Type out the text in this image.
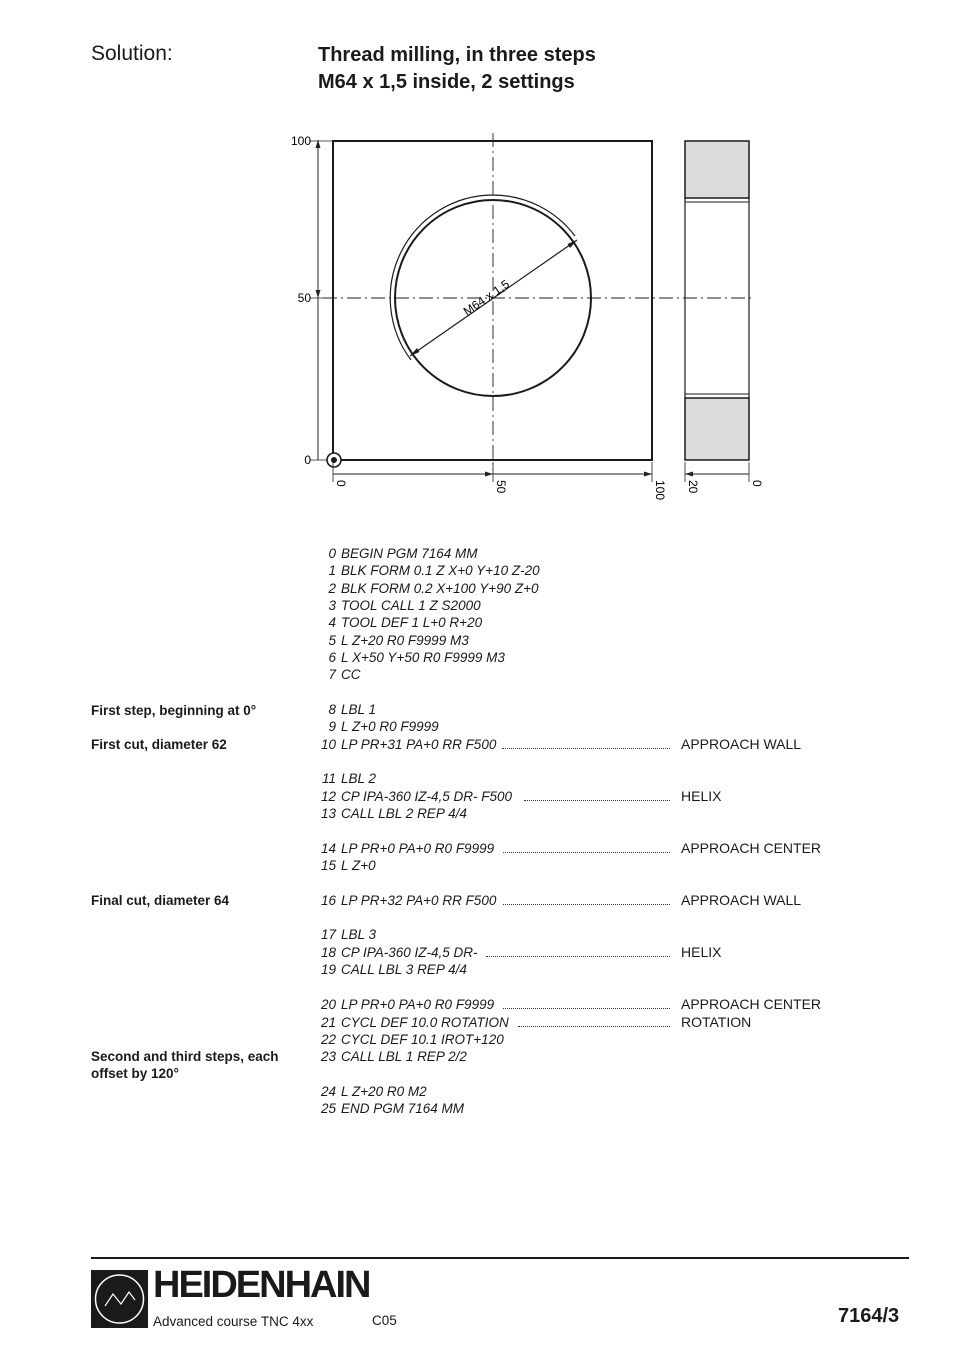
Solution:	Thread milling, in three steps
M64 x 1,5 inside, 2 settings
100
50
0
M64 x 1,5
0	50	100 20	0
First step, beginning at 0°
First cut, diameter 62
Final cut, diameter 64
Second and third steps, each offset by 120°
0 BEGIN PGM 7164 MM
1 BLK FORM 0.1 Z X+0 Y+10 Z-20
2 BLK FORM 0.2 X+100 Y+90 Z+0
3 TOOL CALL 1 Z S2000
4 TOOL DEF 1 L+0 R+20
5 L Z+20 R0 F9999 M3
6 L X+50 Y+50 R0 F9999 M3
7 CC
8 LBL 1
9 L Z+0 R0 F9999
10 LP PR+31 PA+0 RR F500	APPROACH WALL
11 LBL 2
12 CP IPA-360 IZ-4,5 DR- F500	HELIX
13 CALL LBL 2 REP 4/4
14 LP PR+0 PA+0 R0 F9999	APPROACH CENTER
15 L Z+0
16 LP PR+32 PA+0 RR F500	APPROACH WALL
17 LBL 3
18 CP IPA-360 IZ-4,5 DR-	HELIX
19 CALL LBL 3 REP 4/4
20 LP PR+0 PA+0 R0 F9999	APPROACH CENTER
21 CYCL DEF 10.0 ROTATION	ROTATION
22 CYCL DEF 10.1 IROT+120
23 CALL LBL 1 REP 2/2
24 L Z+20 R0 M2
25 END PGM 7164 MM
HEIDENHAIN
Advanced course TNC 4xx	C05	7164/3
